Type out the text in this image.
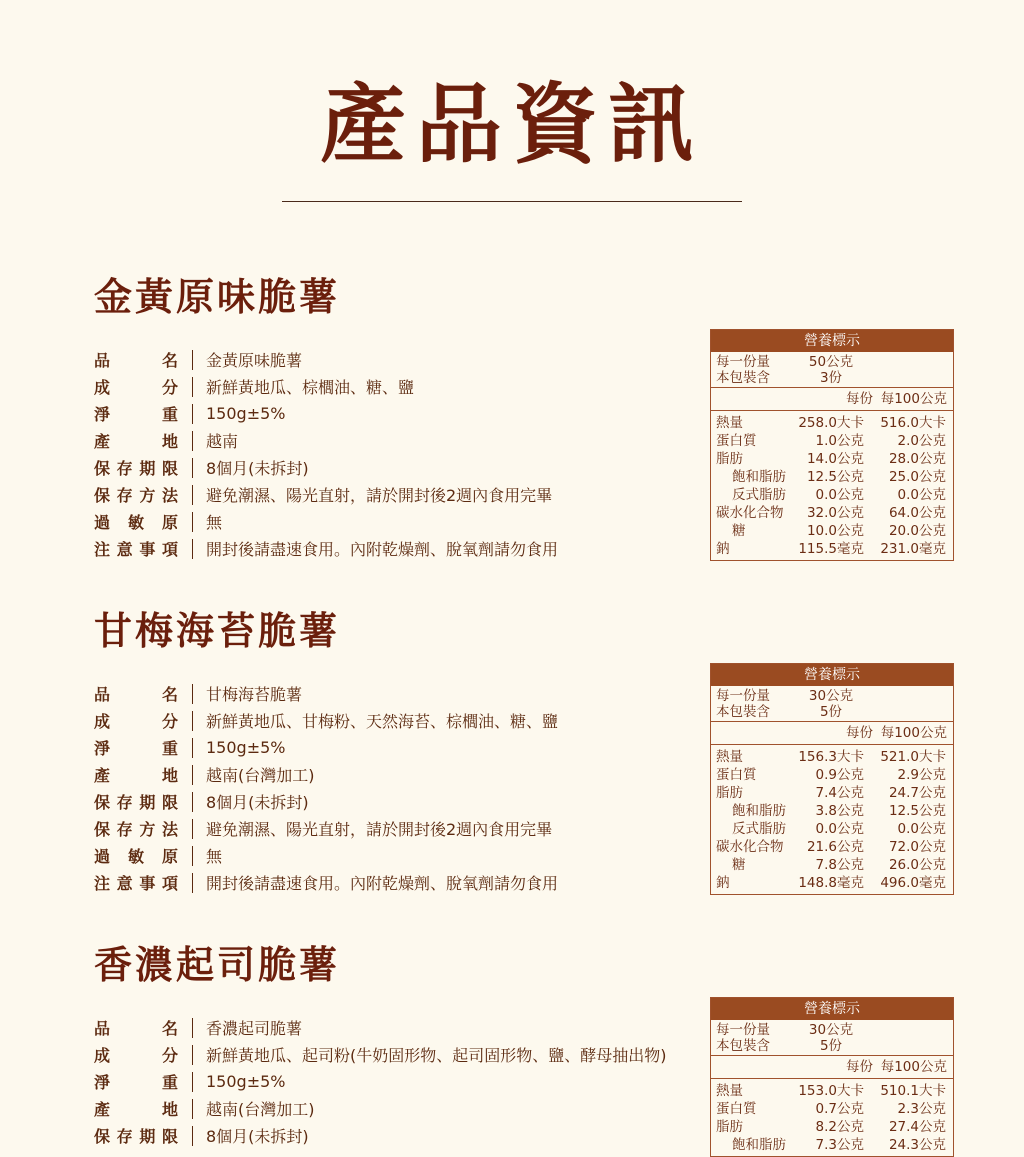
產品資訊
金黃原味脆薯
品	名 金黃原味脆薯
成	分 新鮮黃地瓜、棕櫚油、糖、鹽
淨	重 150g±5%
產	地 越南
保 存 期 限 8個月(未拆封)
保 存 方 法 避免潮濕、陽光直射，請於開封後2週內食用完畢
過 敏 原 無
注 意 事 項 開封後請盡速食用。內附乾燥劑、脫氧劑請勿食用
營養標示
每一份量	50公克
本包裝含	3份
每份 每100公克
熱量	258.0大卡	516.0大卡
蛋白質	1.0公克	2.0公克
脂肪	14.0公克	28.0公克
飽和脂肪	12.5公克	25.0公克
反式脂肪	0.0公克	0.0公克
碳水化合物	32.0公克	64.0公克
糖	10.0公克	20.0公克
鈉	115.5毫克	231.0毫克
甘梅海苔脆薯
品	名 甘梅海苔脆薯
成	分 新鮮黃地瓜、甘梅粉、天然海苔、棕櫚油、糖、鹽
淨	重 150g±5%
產	地 越南(台灣加工)
保 存 期 限 8個月(未拆封)
保 存 方 法 避免潮濕、陽光直射，請於開封後2週內食用完畢
過 敏 原 無
注 意 事 項 開封後請盡速食用。內附乾燥劑、脫氧劑請勿食用
營養標示
每一份量	30公克
本包裝含	5份
每份 每100公克
熱量	156.3大卡	521.0大卡
蛋白質	0.9公克	2.9公克
脂肪	7.4公克	24.7公克
飽和脂肪	3.8公克	12.5公克
反式脂肪	0.0公克	0.0公克
碳水化合物	21.6公克	72.0公克
糖	7.8公克	26.0公克
鈉	148.8毫克	496.0毫克
香濃起司脆薯
品	名 香濃起司脆薯
成	分 新鮮黃地瓜、起司粉(牛奶固形物、起司固形物、鹽、酵母抽出物)
淨	重 150g±5%
產	地 越南(台灣加工)
保 存 期 限 8個月(未拆封)
營養標示
每一份量	30公克
本包裝含	5份
每份 每100公克
熱量	153.0大卡	510.1大卡
蛋白質	0.7公克	2.3公克
脂肪	8.2公克	27.4公克
飽和脂肪	7.3公克	24.3公克
